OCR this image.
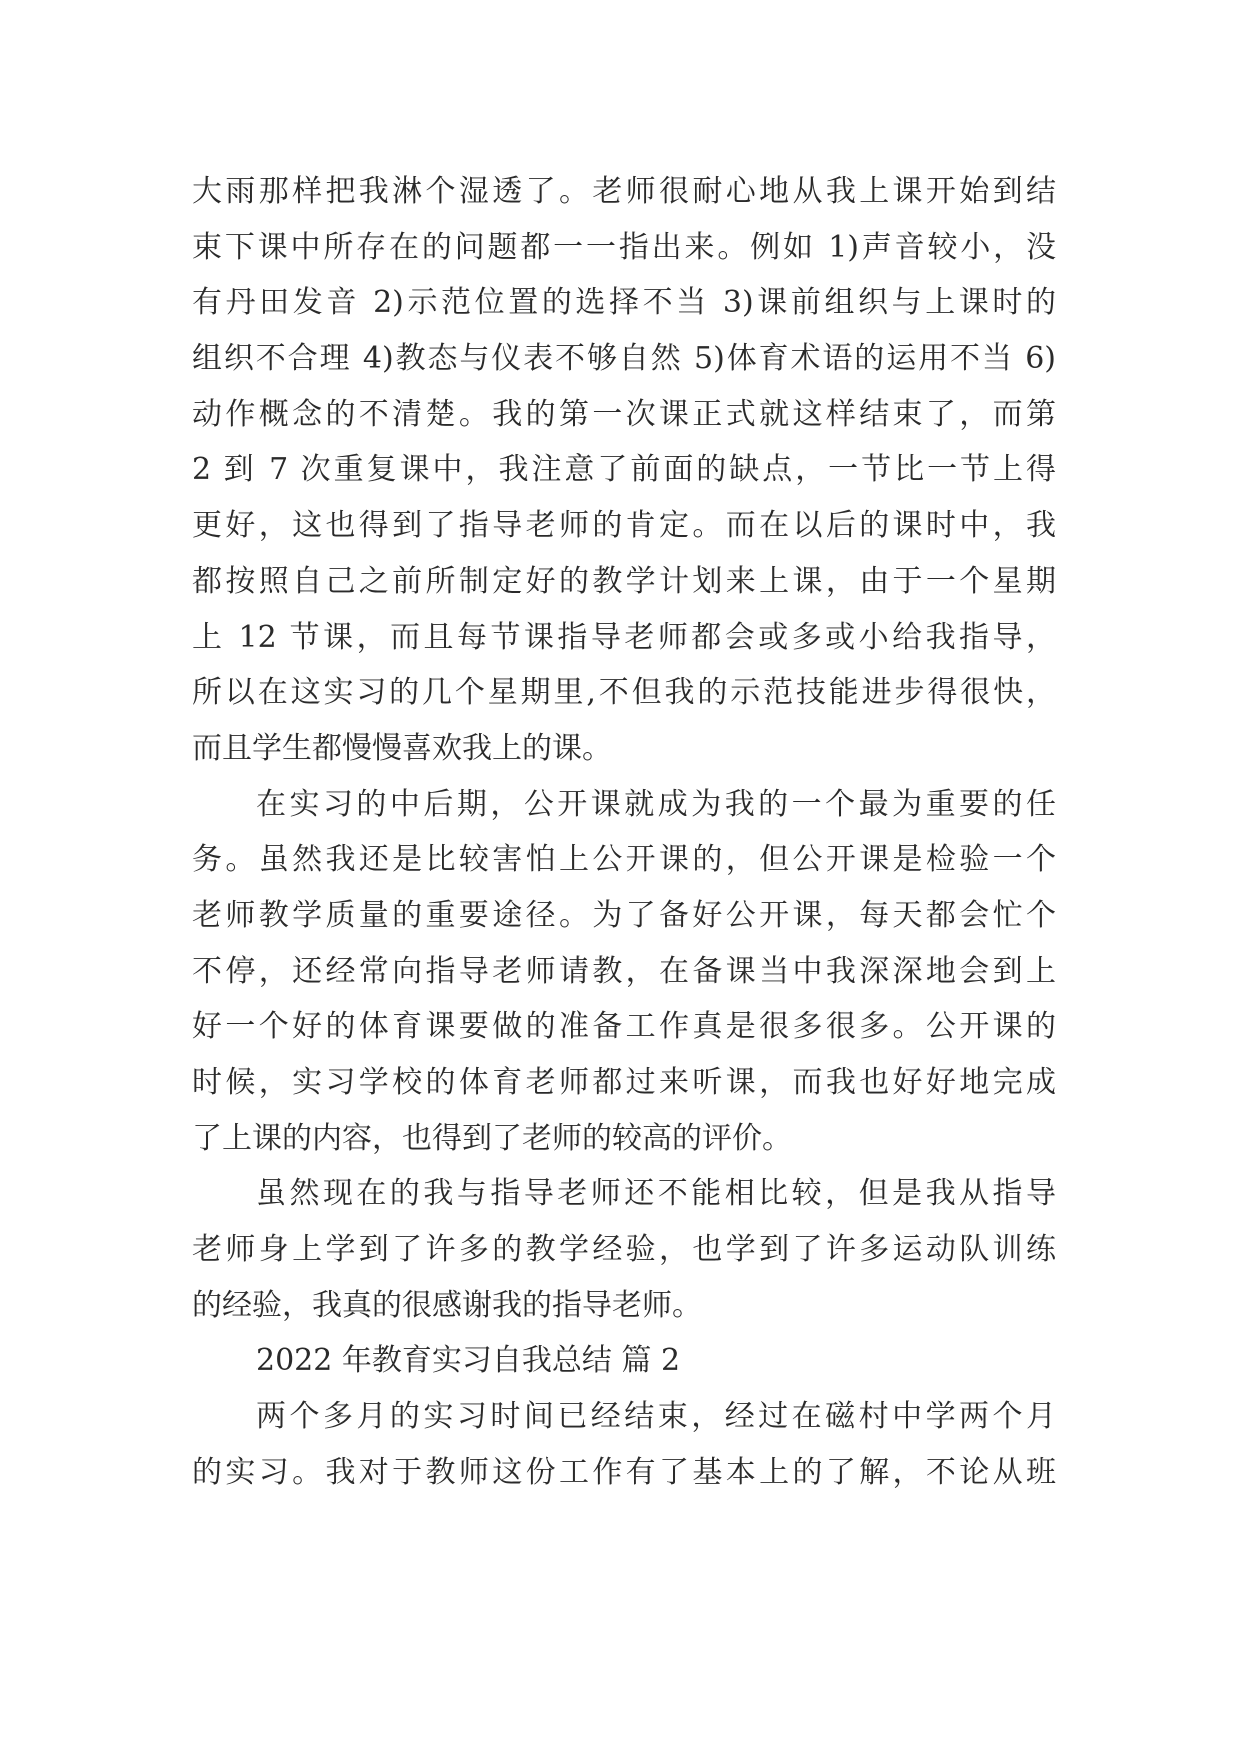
大雨那样把我淋个湿透了。老师很耐心地从我上课开始到结
束下课中所存在的问题都一一指出来。例如 1)声音较小，没
有丹田发音 2)示范位置的选择不当 3)课前组织与上课时的
组织不合理 4)教态与仪表不够自然 5)体育术语的运用不当 6)
动作概念的不清楚。我的第一次课正式就这样结束了，而第
2 到 7 次重复课中，我注意了前面的缺点，一节比一节上得
更好，这也得到了指导老师的肯定。而在以后的课时中，我
都按照自己之前所制定好的教学计划来上课，由于一个星期
上 12 节课，而且每节课指导老师都会或多或小给我指导，
所以在这实习的几个星期里,不但我的示范技能进步得很快，
而且学生都慢慢喜欢我上的课。
在实习的中后期，公开课就成为我的一个最为重要的任
务。虽然我还是比较害怕上公开课的，但公开课是检验一个
老师教学质量的重要途径。为了备好公开课，每天都会忙个
不停，还经常向指导老师请教，在备课当中我深深地会到上
好一个好的体育课要做的准备工作真是很多很多。公开课的
时候，实习学校的体育老师都过来听课，而我也好好地完成
了上课的内容，也得到了老师的较高的评价。
虽然现在的我与指导老师还不能相比较，但是我从指导
老师身上学到了许多的教学经验，也学到了许多运动队训练
的经验，我真的很感谢我的指导老师。
2022 年教育实习自我总结 篇 2
两个多月的实习时间已经结束，经过在磁村中学两个月
的实习。我对于教师这份工作有了基本上的了解，不论从班
